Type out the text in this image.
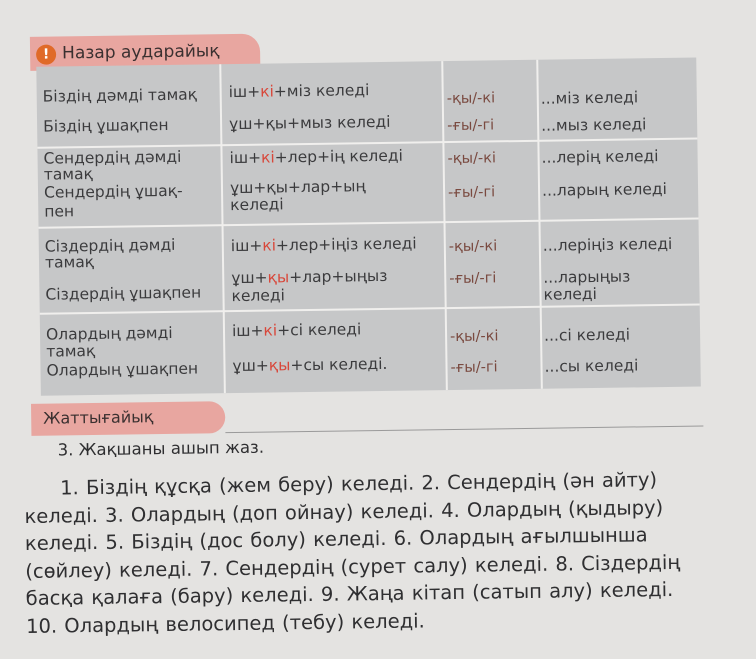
! Назар аударайық
Біздің дәмді тамақ
Біздің ұшақпен
іш+кі+міз келеді
ұш+қы+мыз келеді
-қы/-кі
-ғы/-гі
...міз келеді
...мыз келеді
Сендердің дәмді
тамақ
Сендердің ұшақ-
пен
іш+кі+лер+ің келеді
ұш+қы+лар+ың
келеді
-қы/-кі
-ғы/-гі
...лерің келеді
...ларың келеді
Сіздердің дәмді
тамақ
Сіздердің ұшақпен
іш+кі+лер+іңіз келеді
ұш+қы+лар+ыңыз
келеді
-қы/-кі
-ғы/-гі
...леріңіз келеді
...ларыңыз
келеді
Олардың дәмді
тамақ
Олардың ұшақпен
іш+кі+сі келеді
ұш+қы+сы келеді.
-қы/-кі
-ғы/-гі
...сі келеді
...сы келеді
Жаттығайық
3. Жақшаны ашып жаз.
1. Біздің құсқа (жем беру) келеді. 2. Сендердің (ән айту)
келеді. 3. Олардың (доп ойнау) келеді. 4. Олардың (қыдыру)
келеді. 5. Біздің (дос болу) келеді. 6. Олардың ағылшынша
(сөйлеу) келеді. 7. Сендердің (сурет салу) келеді. 8. Сіздердің
басқа қалаға (бару) келеді. 9. Жаңа кітап (сатып алу) келеді.
10. Олардың велосипед (тебу) келеді.
